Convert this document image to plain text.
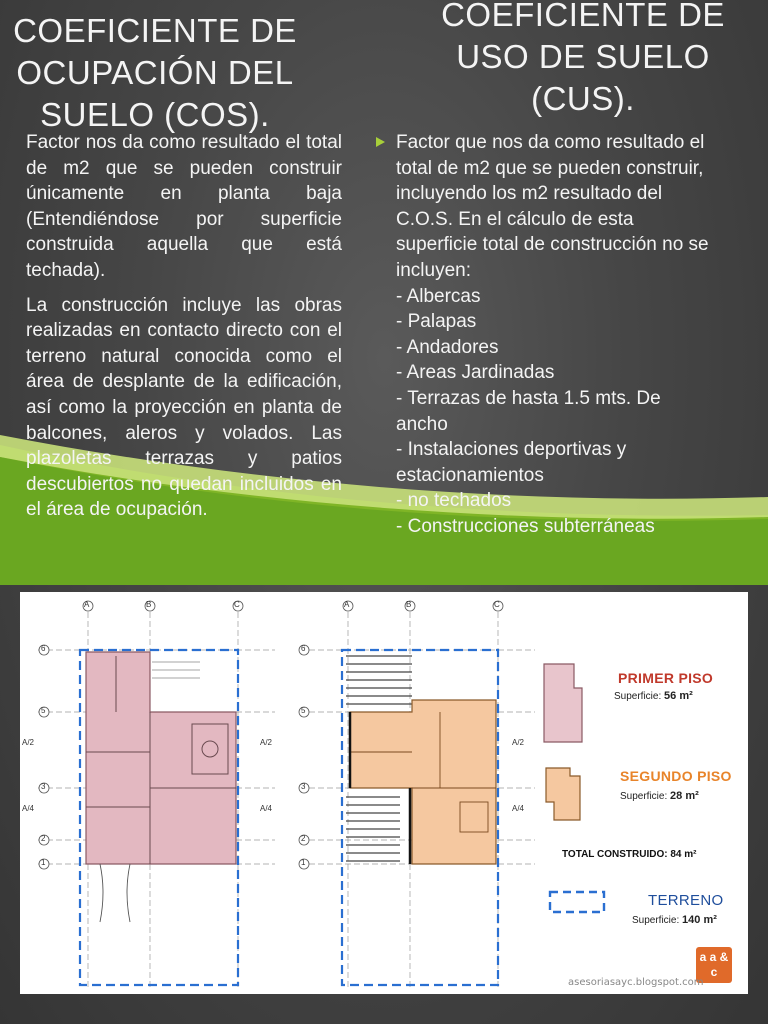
COEFICIENTE DE
OCUPACIÓN DEL
SUELO (COS).
COEFICIENTE DE
USO DE SUELO
(CUS).

Factor nos da como resultado el total de m2 que se pueden construir únicamente en planta baja (Entendiéndose por superficie construida aquella que está techada).

La construcción incluye las obras realizadas en contacto directo con el terreno natural conocida como el área de desplante de la edificación, así como la proyección en planta de balcones, aleros y volados. Las plazoletas terrazas y patios descubiertos no quedan incluidos en el área de ocupación.

Factor que nos da como resultado el
total de m2 que se pueden construir,
incluyendo los m2 resultado del
C.O.S. En el cálculo de esta
superficie total de construcción no se
incluyen:
- Albercas
- Palapas
- Andadores
- Areas Jardinadas
- Terrazas de hasta 1.5 mts. De
ancho
- Instalaciones deportivas y
estacionamientos
- no techados
- Construcciones subterráneas
A	B	C	A	B	C
6
5
3
2
1
6
5
3
2
1
A/2
A/4
A/2
A/4
A/2
A/4
PRIMER PISO
Superficie: 56 m²
SEGUNDO PISO
Superficie: 28 m²
TOTAL CONSTRUIDO: 84 m²
TERRENO
Superficie: 140 m²
a a & c
asesoriasayc.blogspot.com
